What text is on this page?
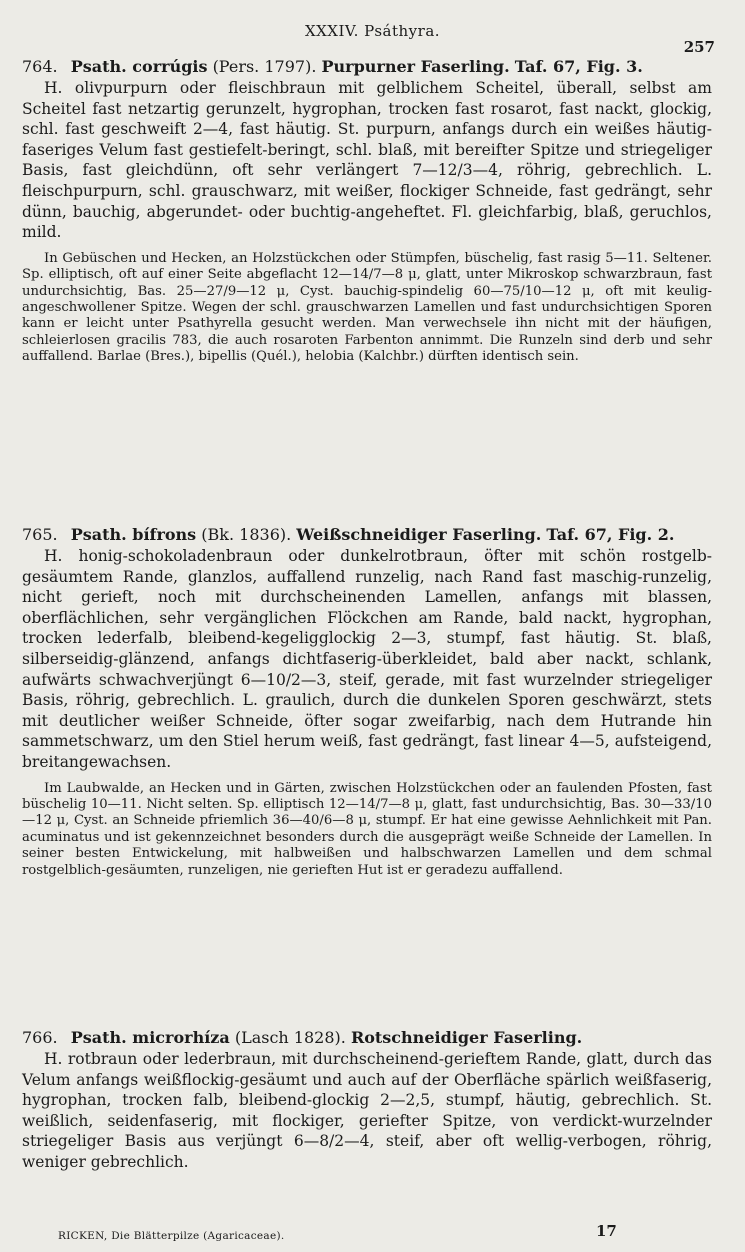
XXXIV. Psáthyra.
257

764. Psath. corrúgis (Pers. 1797). Purpurner Faserling. Taf. 67, Fig. 3.

H. olivpurpurn oder fleischbraun mit gelblichem Scheitel, überall, selbst am Scheitel fast netzartig gerunzelt, hygrophan, trocken fast rosarot, fast nackt, glockig, schl. fast geschweift 2—4, fast häutig. St. purpurn, anfangs durch ein weißes häutig-faseriges Velum fast gestiefelt-beringt, schl. blaß, mit bereifter Spitze und striegeliger Basis, fast gleichdünn, oft sehr verlängert 7—12/3—4, röhrig, gebrechlich. L. fleischpurpurn, schl. grauschwarz, mit weißer, flockiger Schneide, fast gedrängt, sehr dünn, bauchig, abgerundet- oder buchtig-angeheftet. Fl. gleichfarbig, blaß, geruchlos, mild.

In Gebüschen und Hecken, an Holzstückchen oder Stümpfen, büschelig, fast rasig 5—11. Seltener. Sp. elliptisch, oft auf einer Seite abgeflacht 12—14/7—8 μ, glatt, unter Mikroskop schwarzbraun, fast undurchsichtig, Bas. 25—27/9—12 μ, Cyst. bauchig-spindelig 60—75/10—12 μ, oft mit keulig-angeschwollener Spitze. Wegen der schl. grauschwarzen Lamellen und fast undurchsichtigen Sporen kann er leicht unter Psathyrella gesucht werden. Man verwechsele ihn nicht mit der häufigen, schleierlosen gracilis 783, die auch rosaroten Farbenton annimmt. Die Runzeln sind derb und sehr auffallend. Barlae (Bres.), bipellis (Quél.), helobia (Kalchbr.) dürften identisch sein.

765. Psath. bífrons (Bk. 1836). Weißschneidiger Faserling. Taf. 67, Fig. 2.

H. honig-schokoladenbraun oder dunkelrotbraun, öfter mit schön rostgelb-gesäumtem Rande, glanzlos, auffallend runzelig, nach Rand fast maschig-runzelig, nicht gerieft, noch mit durchscheinenden Lamellen, anfangs mit blassen, oberflächlichen, sehr vergänglichen Flöckchen am Rande, bald nackt, hygrophan, trocken lederfalb, bleibend-kegeligglockig 2—3, stumpf, fast häutig. St. blaß, silberseidig-glänzend, anfangs dichtfaserig-überkleidet, bald aber nackt, schlank, aufwärts schwachverjüngt 6—10/2—3, steif, gerade, mit fast wurzelnder striegeliger Basis, röhrig, gebrechlich. L. graulich, durch die dunkelen Sporen geschwärzt, stets mit deutlicher weißer Schneide, öfter sogar zweifarbig, nach dem Hutrande hin sammetschwarz, um den Stiel herum weiß, fast gedrängt, fast linear 4—5, aufsteigend, breitangewachsen.

Im Laubwalde, an Hecken und in Gärten, zwischen Holzstückchen oder an faulenden Pfosten, fast büschelig 10—11. Nicht selten. Sp. elliptisch 12—14/7—8 μ, glatt, fast undurchsichtig, Bas. 30—33/10—12 μ, Cyst. an Schneide pfriemlich 36—40/6—8 μ, stumpf. Er hat eine gewisse Aehnlichkeit mit Pan. acuminatus und ist gekennzeichnet besonders durch die ausgeprägt weiße Schneide der Lamellen. In seiner besten Entwickelung, mit halbweißen und halbschwarzen Lamellen und dem schmal rostgelblich-gesäumten, runzeligen, nie gerieften Hut ist er geradezu auffallend.

766. Psath. microrhíza (Lasch 1828). Rotschneidiger Faserling.

H. rotbraun oder lederbraun, mit durchscheinend-gerieftem Rande, glatt, durch das Velum anfangs weißflockig-gesäumt und auch auf der Oberfläche spärlich weißfaserig, hygrophan, trocken falb, bleibend-glockig 2—2,5, stumpf, häutig, gebrechlich. St. weißlich, seidenfaserig, mit flockiger, geriefter Spitze, von verdickt-wurzelnder striegeliger Basis aus verjüngt 6—8/2—4, steif, aber oft wellig-verbogen, röhrig, weniger gebrechlich.

RICKEN, Die Blätterpilze (Agaricaceae).	17
